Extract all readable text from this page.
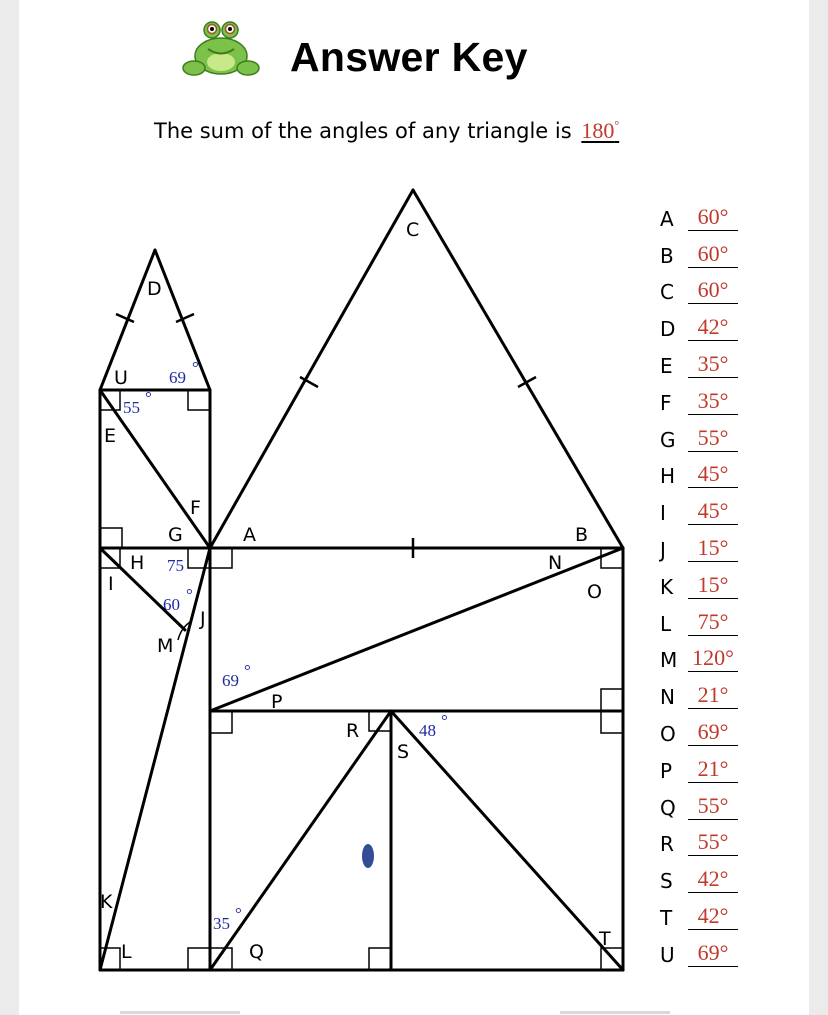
Answer Key
The sum of the angles of any triangle is 180°
C
D
U
E
F
G	A	B
H
I
J
M
N
O
P
R
S
K
L	Q
T
69
°
55
°
75
60
°
69
°
48
°
35
°
A	60°
B	60°
C	60°
D	42°
E	35°
F	35°
G	55°
H	45°
I	45°
J	15°
K	15°
L	75°
M 120°
N	21°
O 69°
P	21°
Q 55°
R	55°
S	42°
T	42°
U	69°
